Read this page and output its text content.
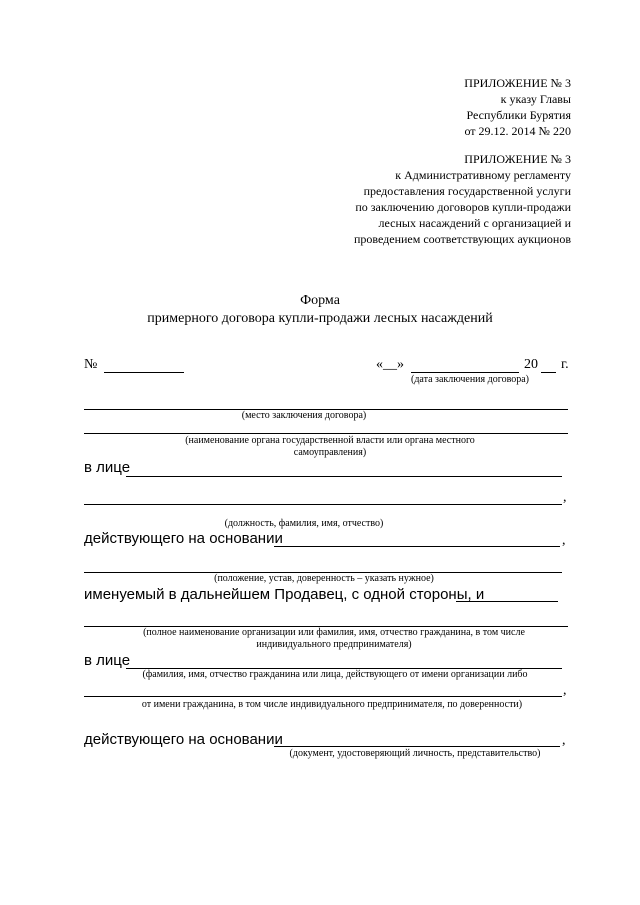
ПРИЛОЖЕНИЕ № 3
к указу Главы
Республики Бурятия
от 29.12. 2014 № 220
ПРИЛОЖЕНИЕ № 3
к Административному регламенту
предоставления государственной услуги
по заключению договоров купли-продажи
лесных насаждений с организацией и
проведением соответствующих аукционов
Форма
примерного договора купли-продажи лесных насаждений
№	«__»	20 г.
(дата заключения договора)
(место заключения договора)
(наименование органа государственной власти или органа местного
самоуправления)
в лице
,
(должность, фамилия, имя, отчество)
действующего на основании	,
(положение, устав, доверенность – указать нужное)
именуемый в дальнейшем Продавец, с одной стороны, и
(полное наименование организации или фамилия, имя, отчество гражданина, в том числе
индивидуального предпринимателя)
в лице
(фамилия, имя, отчество гражданина или лица, действующего от имени организации либо
,
от имени гражданина, в том числе индивидуального предпринимателя, по доверенности)
действующего на основании	,
(документ, удостоверяющий личность, представительство)
